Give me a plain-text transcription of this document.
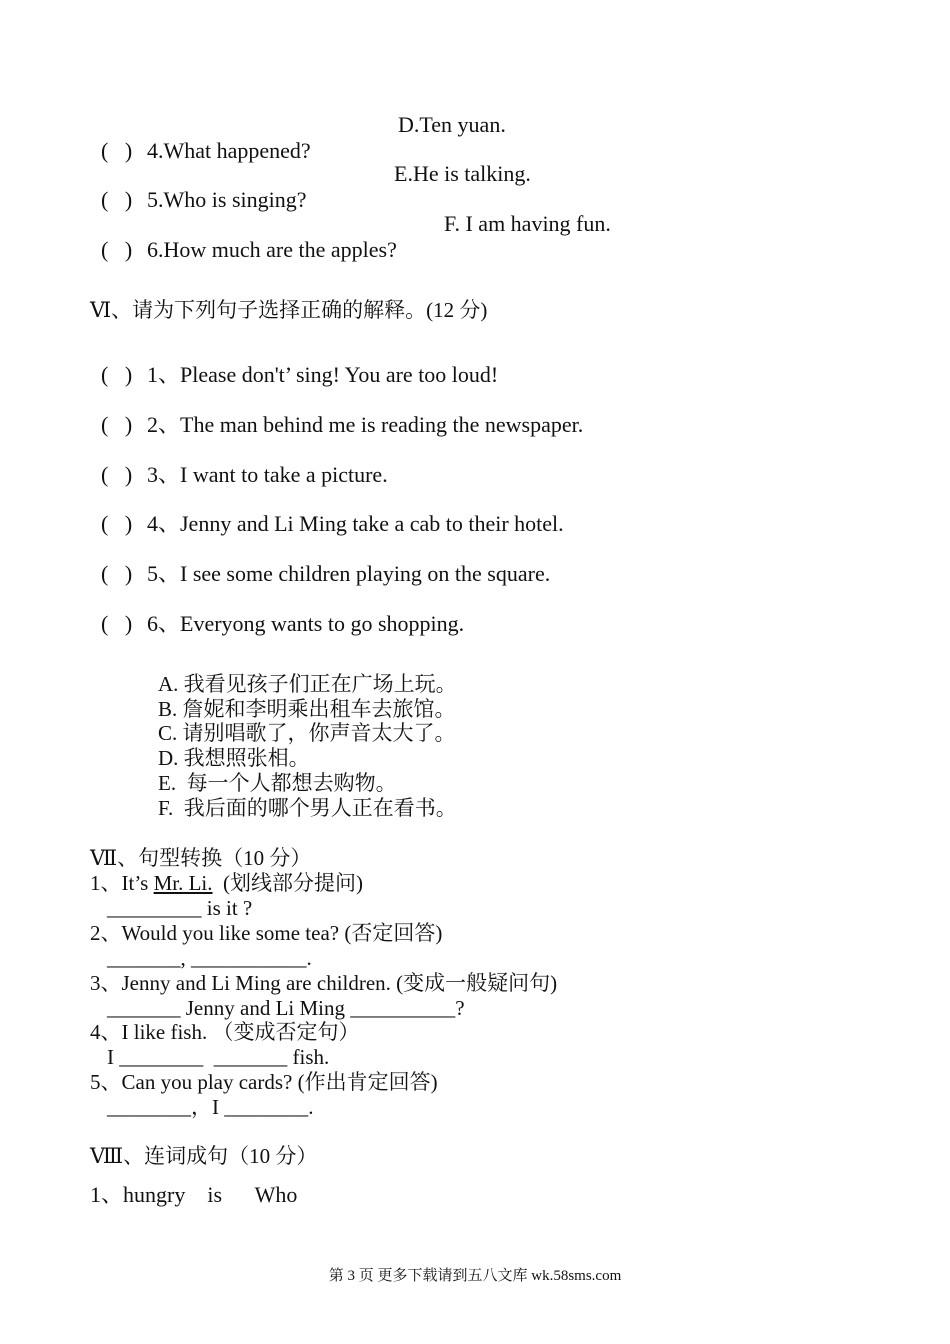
(   ) 4.What happened?

D.Ten yuan.

(   ) 5.Who is singing?

E.He is talking.

(   ) 6.How much are the apples?

F. I am having fun.
Ⅵ、请为下列句子选择正确的解释。(12 分)

(   ) 1、Please don't’ sing! You are too loud!

(   ) 2、The man behind me is reading the newspaper.

(   ) 3、I want to take a picture.

(   ) 4、Jenny and Li Ming take a cab to their hotel.

(   ) 5、I see some children playing on the square.

(   ) 6、Everyong wants to go shopping.

A. 我看见孩子们正在广场上玩。
B. 詹妮和李明乘出租车去旅馆。
C. 请别唱歌了，你声音太大了。
D. 我想照张相。
E.  每一个人都想去购物。
F.  我后面的哪个男人正在看书。
Ⅶ、句型转换（10 分）
1、It’s Mr. Li.  (划线部分提问)
_________ is it ?
2、Would you like some tea? (否定回答)
_______, ___________.
3、Jenny and Li Ming are children. (变成一般疑问句)
_______ Jenny and Li Ming __________?
4、I like fish. （变成否定句）
I ________  _______ fish.
5、Can you play cards? (作出肯定回答)
________，I ________.
Ⅷ、连词成句（10 分）
1、hungry    is      Who
第 3 页 更多下载请到五八文库 wk.58sms.com
